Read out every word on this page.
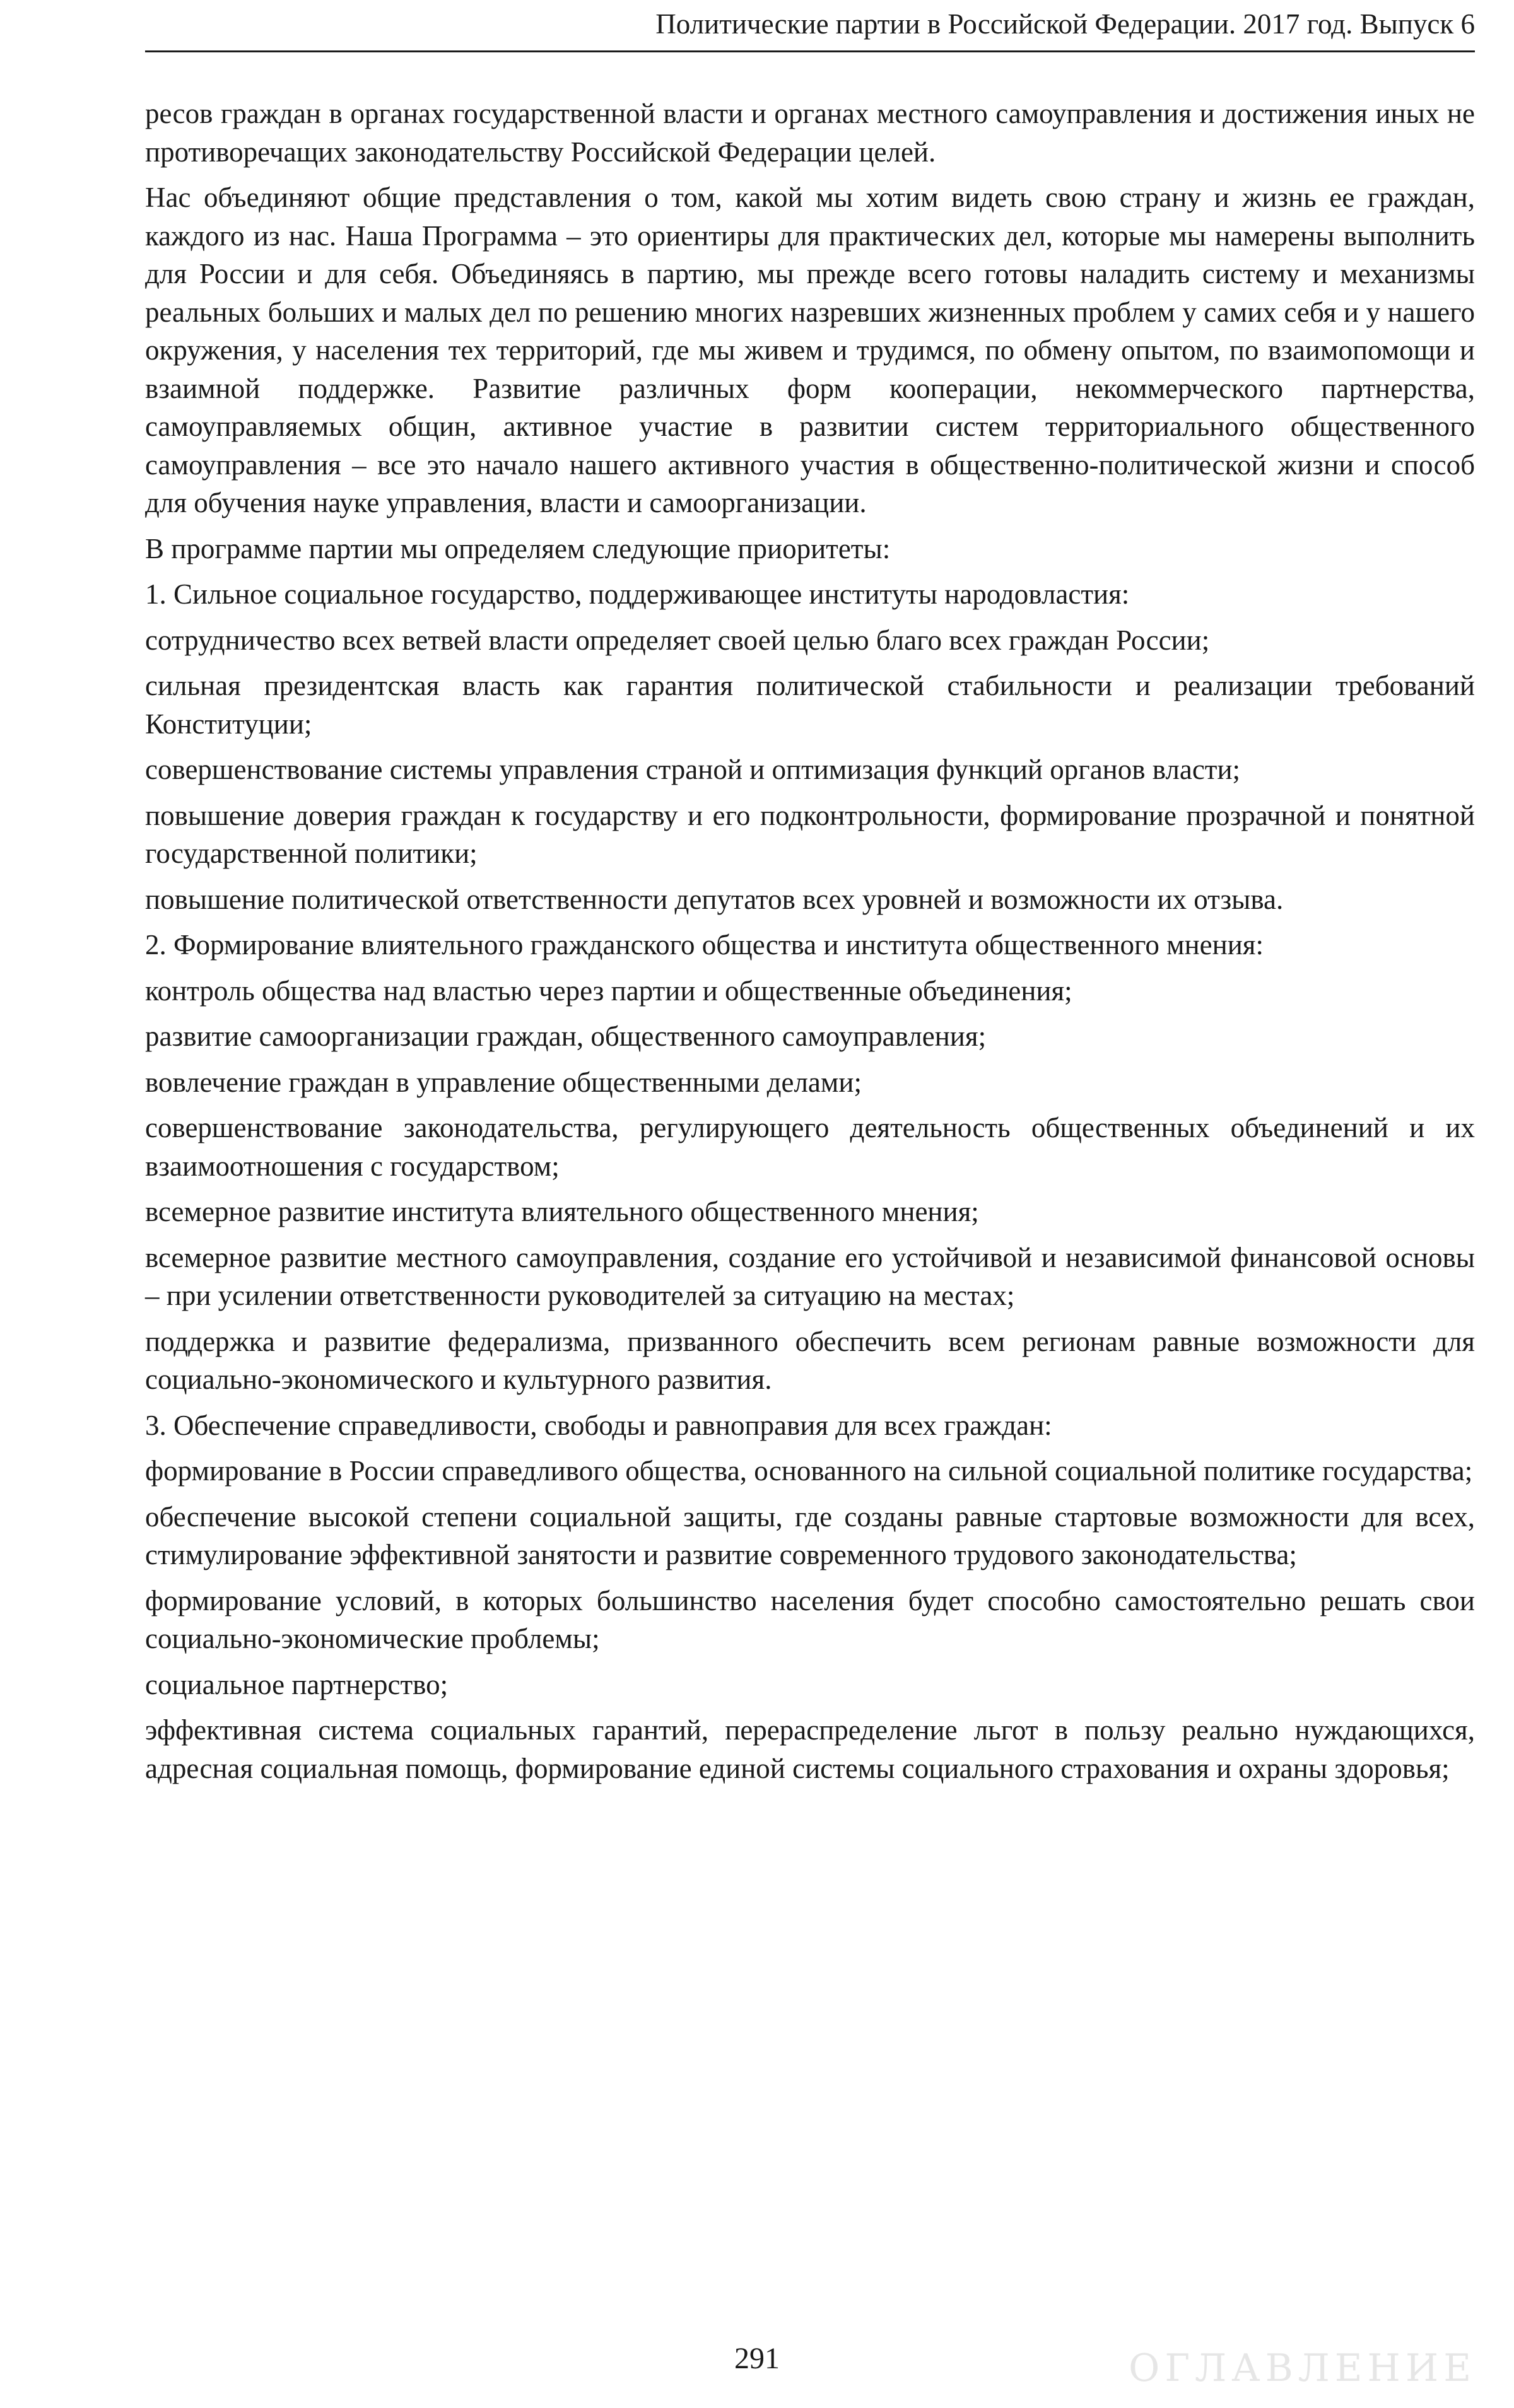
Политические партии в Российской Федерации. 2017 год. Выпуск 6

ресов граждан в органах государственной власти и органах местного самоуправления и достижения иных не противоречащих законодательству Российской Федерации целей.

Нас объединяют общие представления о том, какой мы хотим видеть свою страну и жизнь ее граждан, каждого из нас. Наша Программа – это ориентиры для практических дел, которые мы намерены выполнить для России и для себя. Объединяясь в партию, мы прежде всего готовы наладить систему и механизмы реальных больших и малых дел по решению многих назревших жизненных проблем у самих себя и у нашего окружения, у населения тех территорий, где мы живем и трудимся, по обмену опытом, по взаимопомощи и взаимной поддержке. Развитие различных форм кооперации, некоммерческого партнерства, самоуправляемых общин, активное участие в развитии систем территориального общественного самоуправления – все это начало нашего активного участия в общественно-политической жизни и способ для обучения науке управления, власти и самоорганизации.

В программе партии мы определяем следующие приоритеты:

1. Сильное социальное государство, поддерживающее институты народовластия:

сотрудничество всех ветвей власти определяет своей целью благо всех граждан России;

сильная президентская власть как гарантия политической стабильности и реализации требований Конституции;

совершенствование системы управления страной и оптимизация функций органов власти;

повышение доверия граждан к государству и его подконтрольности, формирование прозрачной и понятной государственной политики;

повышение политической ответственности депутатов всех уровней и возможности их отзыва.

2. Формирование влиятельного гражданского общества и института общественного мнения:

контроль общества над властью через партии и общественные объединения;

развитие самоорганизации граждан, общественного самоуправления;

вовлечение граждан в управление общественными делами;

совершенствование законодательства, регулирующего деятельность общественных объединений и их взаимоотношения с государством;

всемерное развитие института влиятельного общественного мнения;

всемерное развитие местного самоуправления, создание его устойчивой и независимой финансовой основы – при усилении ответственности руководителей за ситуацию на местах;

поддержка и развитие федерализма, призванного обеспечить всем регионам равные возможности для социально-экономического и культурного развития.

3. Обеспечение справедливости, свободы и равноправия для всех граждан:

формирование в России справедливого общества, основанного на сильной социальной политике государства;

обеспечение высокой степени социальной защиты, где созданы равные стартовые возможности для всех, стимулирование эффективной занятости и развитие современного трудового законодательства;

формирование условий, в которых большинство населения будет способно самостоятельно решать свои социально-экономические проблемы;

социальное партнерство;

эффективная система социальных гарантий, перераспределение льгот в пользу реально нуждающихся, адресная социальная помощь, формирование единой системы социального страхования и охраны здоровья;

291	ОГЛАВЛЕНИЕ
